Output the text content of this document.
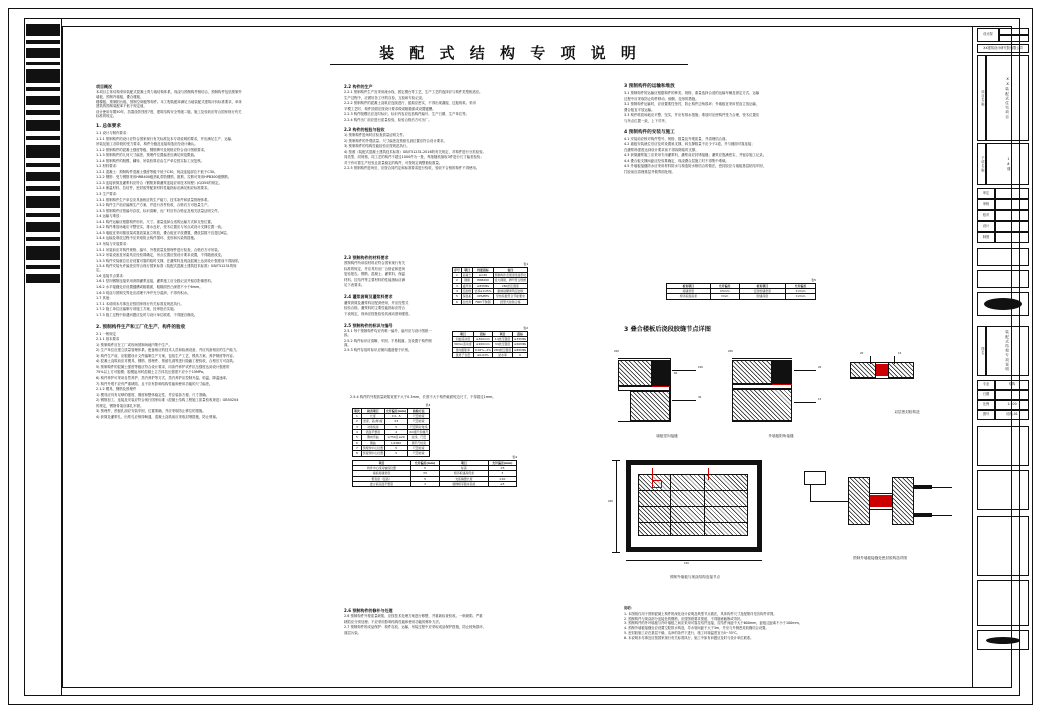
装 配 式 结 构 专 项 说 明

项目概况

本项目主体结构采用装配式混凝土剪力墙结构体系，现浇与预制构件相结合，预制构件包括预制外墙板、预制内墙板、叠合楼板、

楼梯板、预制阳台板、预制空调板等构件。本工程装配率满足当地装配式建筑评价标准要求，单体建筑的预制装配率不低于规定值，

设计使用年限50年，抗震设防烈度7度，建筑结构安全等级二级。施工及验收应符合国家现行有关标准的规定。

1. 总体要求

1.1 设计与制作要求：

1.1.1 预制构件的设计应符合国家现行有关标准及本专项说明的要求，并应满足生产、运输、

吊装及施工各阶段的受力要求，构件分缝及连接构造应经设计确认。

1.1.2 预制构件的混凝土强度等级、钢筋牌号及规格应符合设计图纸要求。

1.1.3 预制构件的几何尺寸偏差、预埋件位置偏差应满足规范限值。

1.1.4 预制构件的脱模、翻转、吊装验算应由生产单位按实际工况复核。

1.2 材料要求：

1.2.1 混凝土：预制构件混凝土强度等级不低于C30，现浇连接部位不低于C30。

1.2.2 钢筋：受力钢筋采用HRB400级热轧带肋钢筋，箍筋、拉筋可采用HPB300级钢筋。

1.2.3 连接套筒及灌浆料应符合《钢筋套筒灌浆连接应用技术规程》JGJ355的规定。

1.2.4 保温材料、拉结件、密封胶等配套材料性能指标应满足相应标准要求。

1.3 生产要求：

1.3.1 预制构件生产单位应具备相应的生产能力、技术条件和质量管理体系。

1.3.2 构件生产前应编制生产方案，并进行首件验收，合格后方可批量生产。

1.3.3 预制构件应按编号存放，标识清晰，出厂时应有合格证及相关质量证明文件。

1.4 运输与堆放：

1.4.1 构件运输应根据构件形状、尺寸、重量选择合适的运输方式和支垫位置。

1.4.2 构件堆放场地应平整坚实，排水良好，垫木位置应与吊点或设计支撑位置一致。

1.4.3 墙板宜采用插放架或靠放架直立堆放，叠合板宜平放叠置，叠放层数不宜超过6层。

1.4.4 运输及堆放过程中应采取防止构件损坏、变形和污染的措施。

1.5 吊装与安装要求：

1.5.1 吊装前应对构件规格、编号、外观质量及预埋件进行检查，合格后方可吊装。

1.5.2 吊装设备及吊索具应经验算确定，吊点位置应按设计要求设置，不得随意改变。

1.5.3 构件安装就位后应设置可靠的临时支撑，在灌浆料及现浇混凝土达到设计强度前不得拆除。

1.5.4 构件安装允许偏差应符合现行国家标准《装配式混凝土建筑技术标准》GB/T51231的规定。

1.6 连接节点要求：

1.6.1 竖向钢筋连接采用套筒灌浆连接，灌浆施工应全数记录并留存影像资料。

1.6.2 水平接缝处应设置键槽或粗糙面，粗糙面凹凸深度不小于6mm。

1.6.3 现浇与预制交界处应清理干净并充分湿润，不得有积水。

1.7 其他：

1.7.1 本说明未尽事宜应按国家现行有关标准及规范执行。

1.7.2 施工单位应编制专项施工方案，经审批后实施。

1.7.3 施工过程中如遇问题应及时与设计单位联系，不得擅自修改。

2. 预制构件生产和工厂化生产、构件的验收

2.1 一般规定

2.1.1 基本要求

1) 预制构件应在工厂或现场预制场地内集中生产。

2) 生产单位应建立质量管理体系，配备相应的技术人员和检测设备，并应具备相应的生产能力。

3) 构件生产前，应根据设计文件编制生产方案，包括生产工艺、模具方案、养护制度等内容。

4) 混凝土浇筑前应对模具、钢筋、预埋件、预留孔洞等进行隐蔽工程验收，合格后方可浇筑。

5) 预制构件的混凝土强度等级应符合设计要求，同条件养护试件抗压强度达到设计强度的

75%以上方可脱模；脱模起吊时混凝土立方体抗压强度不应小于15MPa。

6) 构件养护可采用自然养护、蒸汽养护等方式，蒸汽养护应控制升温、恒温、降温速率。

7) 构件外观不应有严重缺陷，且不应有影响结构性能和使用功能的尺寸偏差。

2.1.2 模具、钢筋及预埋件

1) 模具应具有足够的强度、刚度和整体稳定性，并应装拆方便、尺寸准确。

2) 钢筋加工、连接及安装应符合现行国家标准《混凝土结构工程施工质量验收规范》GB50204

的规定，钢筋骨架应绑扎牢固。

3) 预埋件、预留孔洞应安装牢固，位置准确，并应采取防止移位的措施。

4) 套筒及灌浆孔、出浆孔应保持畅通，混凝土浇筑前应采取封堵措施，防止堵塞。

2.2 构件的生产

2.2.1 预制构件生产宜采用流水线、固定模台等工艺，生产工艺的选择应与构件类型相适应。

生产过程中，应做好各工序的自检、互检和专检记录。

2.2.2 预制构件的混凝土浇筑应连续进行，振捣应密实，不得出现漏振、过振现象。采用

平模工艺时，构件顶面应按设计要求做成粗糙面或设置键槽。

2.2.3 构件脱模后应及时标识，标识内容应包括构件编号、生产日期、生产单位等。

2.2.4 构件出厂前应进行质量检验，检验合格后方可出厂。

2.3 构件的检验与验收

1) 预制构件进场时应检查质量证明文件。

2) 预制构件的外观质量、尺寸偏差及预留孔洞位置应符合设计要求。

3) 预制构件的结构性能检验应按规范执行。

4) 按照《装配式混凝土建筑技术标准》GB/T51231-2016的有关规定，对构件进行分类检验。

同类型、同规格、同工艺的构件不超过1000件为一批，每批随机抽取3件进行尺寸偏差检验；

对于有可靠生产经验且质量稳定的构件，可按规定调整抽检数量。

2.2.5 预制构件进场后，应按合同约定和标准要求进行验收，验收不合格的构件不得使用。

2.3 预制构件的材料要求

预制构件所用原材料应符合国家现行有关

标准的规定，并应具有出厂合格证和进场

复验报告。钢筋、混凝土、灌浆料、保温

材料、拉结件等主要材料的性能指标应满

足下表要求。

2.4 灌浆套筒及灌浆料要求

灌浆套筒及灌浆料应配套使用，并应经型式

检验合格。灌浆料的主要性能指标应符合

下表规定，现场应按批检验其流动度和强度。

2.5 预制构件的标识与编号

2.5.1 每个预制构件均应有唯一编号，编号应与设计图纸一致。

2.5.2 构件标识应清晰、牢固、不易脱落，宜设置于构件侧面。

2.5.3 构件存放时标识应朝向通道便于识别。

2.5.4 构件的外观质量缺陷宽度不大于0.3mm，长度不大于构件截面短边尺寸，不得超过1mm。

表1
序号	项目	性能指标	备注
1	混凝土	≥C30	预制构件及现浇连接部位
2	钢筋	HRB400	受力钢筋，牌号符合图纸
3	灌浆料	≥85MPa	28d抗压强度
4	密封胶	位移≥±25%	耐候硅酮建筑密封胶
5	保温板	XPS/EPS	导热系数符合节能要求
6	拉结件	FRP/不锈钢	经型式检验合格
表2
项目	指标	项目	指标
初始流动度	≥300mm	1d抗压强度	≥35MPa
30min流动度	≥260mm	3d抗压强度	≥60MPa
竖向膨胀率	0.02%~2%	28d抗压强度	≥85MPa
氯离子含量	≤0.03%	泌水率	0
表3
项次	检查项目	允许偏差(mm)	检验方法
1	长度	±4, -5	尺量检查
2	宽度、高(厚)度	±3	尺量检查
3	对角线差	5	尺量两对角线
4	表面平整度	4	2m靠尺和塞尺
5	侧向弯曲	L/750且≤20	拉线、尺量
6	翘曲	L/1000	调平尺检查
7	预埋件中心位置	5	尺量检查
8	预留洞中心位置	5	尺量检查
表4
项目	允许偏差(mm)	项目	允许偏差(mm)
构件中心线对轴线位置	5	标高	±5
墙板接缝宽度	±5	相邻板缝高低差	3
垂直度（层高）	5	支座搁置长度	±10
叠合板底面平整度	3	楼梯相邻踏步高差	≤5

2.6 预制构件的修补与处理

2.6 预制构件外观质量缺陷，应按技术处理方案进行修整，并重新检查验收。一般缺陷、严重

缺陷应分别处理；不应采用影响结构性能和使用功能的修补方法。

2.7 预制构件的成品保护：构件存放、运输、吊装过程中应采取成品保护措施，防止棱角损坏、

面层污染。

3 预制构件的运输和堆放

3.1 预制构件的运输应根据构件的种类、规格、重量选择合适的运输车辆及固定方式，运输

过程中应采取防止构件移动、倾倒、变形的措施。

3.2 预制构件运输时，应设置柔性垫衬，防止构件边角损坏；外墙板宜采用竖直立放运输，

叠合板宜平放运输。

3.3 构件堆放场地应平整、坚实，并应有排水措施；堆放时应使构件受力合理，垫木位置应

与吊点位置一致，上下对齐。

4 预制构件的安装与施工

4.1 安装前应核对构件型号、规格、数量及外观质量，并清理结合面。

4.2 墙板安装就位后应及时设置斜支撑，斜支撑数量不应少于2道，并与楼面可靠连接；

在灌浆料强度达到设计要求前不得拆除临时支撑。

4.3 套筒灌浆施工应采用专用灌浆料，灌浆前应封堵接缝；灌浆应饱满密实，并留存施工记录。

4.4 叠合板支撑间距应经验算确定，现浇叠合层施工时不得集中堆载。

4.5 外墙板接缝防水应采用材料防水与构造防水相结合的做法，密封胶应与墙板基层粘结牢固，

打胶前应清理基层并做界面处理。

表5
检查项目	允许偏差	检查项目	允许偏差
接缝宽度	±5mm	密封胶缝宽度	±2mm
相邻板面高差	3mm	胶缝深度	±2mm
3 叠合楼板后浇段胶缝节点详图
200
60
100
30
墙板竖向接缝
200
20
15
外墙板阳角接缝
20	15
双层密封胶构造
200
100
预制外墙板与现浇结构连接节点
预制外墙板接缝处密封胶构造详图
说明：
1. 本图纸仅用于预制混凝土构件的深化设计说明及典型节点做法，具体构件尺寸及配筋详见各构件详图。
2. 预制构件与现浇部分连接处的钢筋，应按图纸要求预留，不得随意截断或弯折。
3. 预制构件的外叶墙板与内叶墙板之间应采用可靠拉结件连接，拉结件间距不大于600mm，距板边距离不小于100mm。
4. 预制外墙板接缝处应设置空腔排水构造，导水管间距不大于3m，并应与外侧密封胶缝结合设置。
5. 密封胶施工应在基层干燥、洁净的条件下进行，施工环境温度宜为5~35℃。
6. 本说明未尽事宜应按国家现行有关标准执行，施工中如有问题应及时与设计单位联系。
设计院
XX建筑设计研究院有限公司
项目名称	XX装配式住宅项目
子项名称	1#楼
审定
审核
校对
设计
制图
图名	装配式结构专项说明
专业	结构
日期
比例	1:100
图号	结施-01
